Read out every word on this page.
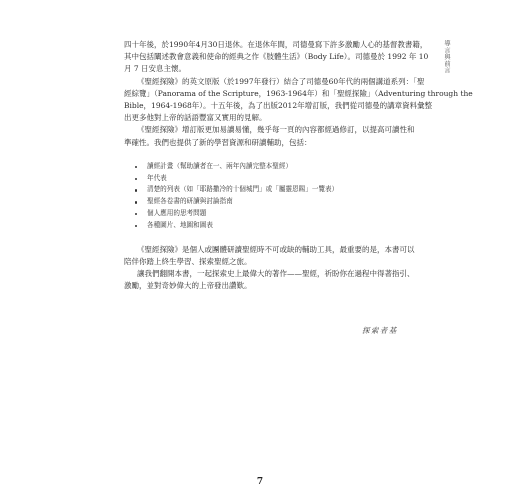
導言與前言
四十年後，於1990年4月30日退休。在退休年間，司德曼寫下許多激勵人心的基督教書籍，
其中包括闡述教會意義和使命的經典之作《肢體生活》（Body Life）。司德曼於 1992 年 10
月 7 日安息主懷。
《聖經探險》的英文原版（於1997年發行）結合了司德曼60年代的兩個講道系列：「聖
經綜覽」（Panorama of the Scripture，1963-1964年）和「聖經探險」（Adventuring through the
Bible，1964-1968年）。十五年後，為了出版2012年增訂版，我們從司德曼的講章資料彙整
出更多他對上帝的話語豐富又實用的見解。
《聖經探險》增訂版更加易讀易懂，幾乎每一頁的內容都經過修訂，以提高可讀性和
準確性。我們也提供了新的學習資源和研讀輔助，包括：
讀經計畫（幫助讀者在一、兩年內讀完整本聖經）
年代表
清楚的列表（如「耶路撒冷的十個城門」或「屬靈恩賜」一覽表）
聖經各卷書的研讀與討論指南
個人應用的思考問題
各種圖片、地圖和圖表
《聖經探險》是個人或團體研讀聖經時不可或缺的輔助工具，最重要的是，本書可以
陪伴你踏上終生學習、探索聖經之旅。
讓我們翻開本書，一起探索史上最偉大的著作——聖經，祈盼你在過程中得著指引、
激勵，並對奇妙偉大的上帝發出讚歎。
探索者基
7
